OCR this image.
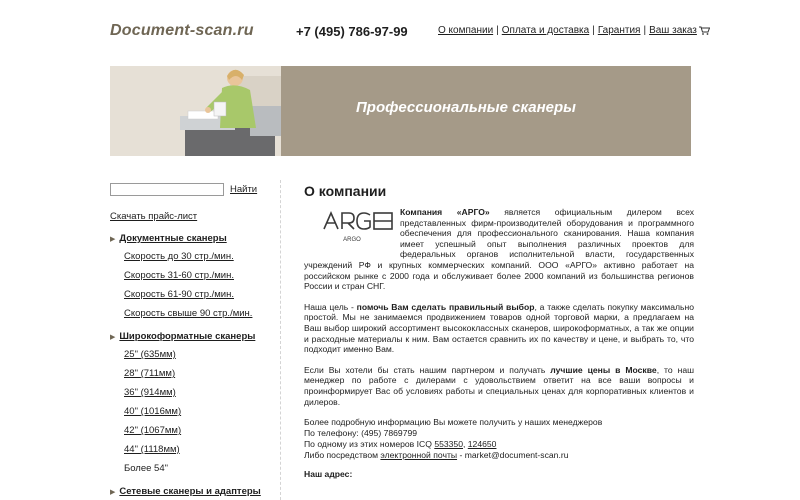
Document-scan.ru	+7 (495) 786-97-99	О компании | Оплата и доставка | Гарантия | Ваш заказ
Профессиональные сканеры
Найти
Скачать прайс-лист
▶ Документные сканеры
Скорость до 30 стр./мин.
Скорость 31-60 стр./мин.
Скорость 61-90 стр./мин.
Скорость свыше 90 стр./мин.
▶ Широкоформатные сканеры
25" (635мм)
28" (711мм)
36" (914мм)
40" (1016мм)
42" (1067мм)
44" (1118мм)
Более 54"
▶ Сетевые сканеры и адаптеры
О компании
ARGO

Компания «АРГО» является официальным дилером всех представленных фирм-производителей оборудования и программного обеспечения для профессионального сканирования. Наша компания имеет успешный опыт выполнения различных проектов для федеральных органов исполнительной власти, государственных учреждений РФ и крупных коммерческих компаний. ООО «АРГО» активно работает на российском рынке с 2000 года и обслуживает более 2000 компаний из большинства регионов России и стран СНГ.

Наша цель - помочь Вам сделать правильный выбор, а также сделать покупку максимально простой. Мы не занимаемся продвижением товаров одной торговой марки, а предлагаем на Ваш выбор широкий ассортимент высококлассных сканеров, широкоформатных, а так же опции и расходные материалы к ним. Вам остается сравнить их по качеству и цене, и выбрать то, что подходит именно Вам.

Если Вы хотели бы стать нашим партнером и получать лучшие цены в Москве, то наш менеджер по работе с дилерами с удовольствием ответит на все ваши вопросы и проинформирует Вас об условиях работы и специальных ценах для корпоративных клиентов и дилеров.

Более подробную информацию Вы можете получить у наших менеджеров
По телефону: (495) 7869799
По одному из этих номеров ICQ 553350, 124650
Либо посредством электронной почты - market@document-scan.ru
Наш адрес:
